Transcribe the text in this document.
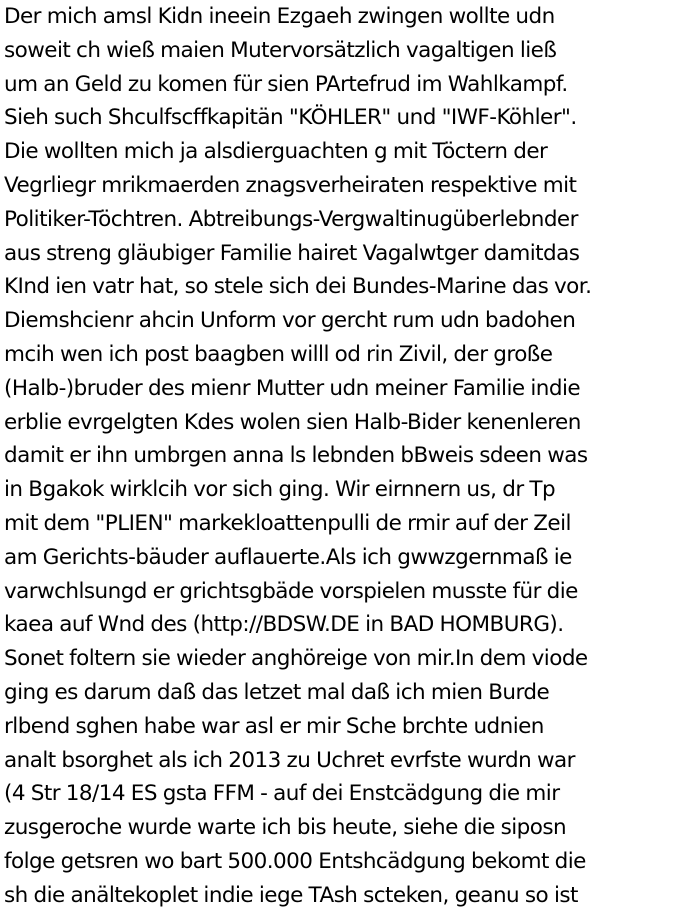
Der mich amsl Kidn ineein Ezgaeh zwingen wollte udn
soweit ch wieß maien Mutervorsätzlich vagaltigen ließ
um an Geld zu komen für sien PArtefrud im Wahlkampf.
Sieh such Shculfscffkapitän "KÖHLER" und "IWF-Köhler".
Die wollten mich ja alsdierguachten g mit Töctern der
Vegrliegr mrikmaerden znagsverheiraten respektive mit
Politiker-Töchtren. Abtreibungs-Vergwaltinugüberlebnder
aus streng gläubiger Familie hairet Vagalwtger damitdas
KInd ien vatr hat, so stele sich dei Bundes-Marine das vor.
Diemshcienr ahcin Unform vor gercht rum udn badohen
mcih wen ich post baagben willl od rin Zivil, der große
(Halb-)bruder des mienr Mutter udn meiner Familie indie
erblie evrgelgten Kdes wolen sien Halb-Bider kenenleren
damit er ihn umbrgen anna ls lebnden bBweis sdeen was
in Bgakok wirklcih vor sich ging. Wir eirnnern us, dr Tp
mit dem "PLIEN" markekloattenpulli de rmir auf der Zeil
am Gerichts-bäuder auflauerte.Als ich gwwzgernmaß ie
varwchlsungd er grichtsgbäde vorspielen musste für die
kaea auf Wnd des (http://BDSW.DE in BAD HOMBURG).
Sonet foltern sie wieder anghöreige von mir.In dem viode
ging es darum daß das letzet mal daß ich mien Burde
rlbend sghen habe war asl er mir Sche brchte udnien
analt bsorghet als ich 2013 zu Uchret evrfste wurdn war
(4 Str 18/14 ES gsta FFM - auf dei Enstcädgung die mir
zusgeroche wurde warte ich bis heute, siehe die siposn
folge getsren wo bart 500.000 Entshcädgung bekomt die
sh die anältekoplet indie iege TAsh scteken, geanu so ist
